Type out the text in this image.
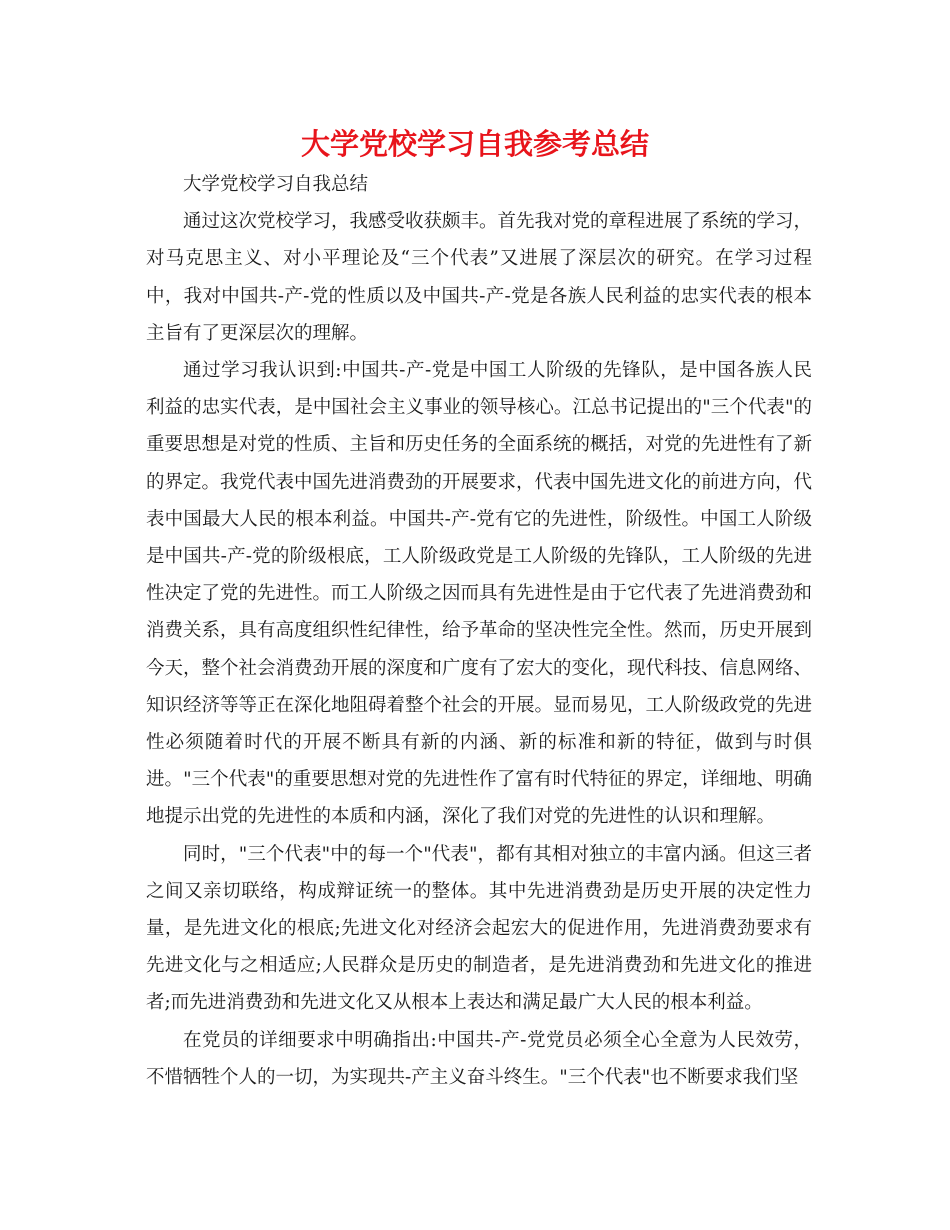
大学党校学习自我参考总结

大学党校学习自我总结

通过这次党校学习，我感受收获颇丰。首先我对党的章程进展了系统的学习，对马克思主义、对小平理论及“三个代表”又进展了深层次的研究。在学习过程中，我对中国共-产-党的性质以及中国共-产-党是各族人民利益的忠实代表的根本主旨有了更深层次的理解。

通过学习我认识到:中国共-产-党是中国工人阶级的先锋队，是中国各族人民利益的忠实代表，是中国社会主义事业的领导核心。江总书记提出的"三个代表"的重要思想是对党的性质、主旨和历史任务的全面系统的概括，对党的先进性有了新的界定。我党代表中国先进消费劲的开展要求，代表中国先进文化的前进方向，代表中国最大人民的根本利益。中国共-产-党有它的先进性，阶级性。中国工人阶级是中国共-产-党的阶级根底，工人阶级政党是工人阶级的先锋队，工人阶级的先进性决定了党的先进性。而工人阶级之因而具有先进性是由于它代表了先进消费劲和消费关系，具有高度组织性纪律性，给予革命的坚决性完全性。然而，历史开展到今天，整个社会消费劲开展的深度和广度有了宏大的变化，现代科技、信息网络、知识经济等等正在深化地阻碍着整个社会的开展。显而易见，工人阶级政党的先进性必须随着时代的开展不断具有新的内涵、新的标准和新的特征，做到与时俱进。"三个代表"的重要思想对党的先进性作了富有时代特征的界定，详细地、明确地提示出党的先进性的本质和内涵，深化了我们对党的先进性的认识和理解。

同时，"三个代表"中的每一个"代表"，都有其相对独立的丰富内涵。但这三者之间又亲切联络，构成辩证统一的整体。其中先进消费劲是历史开展的决定性力量，是先进文化的根底;先进文化对经济会起宏大的促进作用，先进消费劲要求有先进文化与之相适应;人民群众是历史的制造者，是先进消费劲和先进文化的推进者;而先进消费劲和先进文化又从根本上表达和满足最广大人民的根本利益。

在党员的详细要求中明确指出:中国共-产-党党员必须全心全意为人民效劳，不惜牺牲个人的一切，为实现共-产主义奋斗终生。"三个代表"也不断要求我们坚
